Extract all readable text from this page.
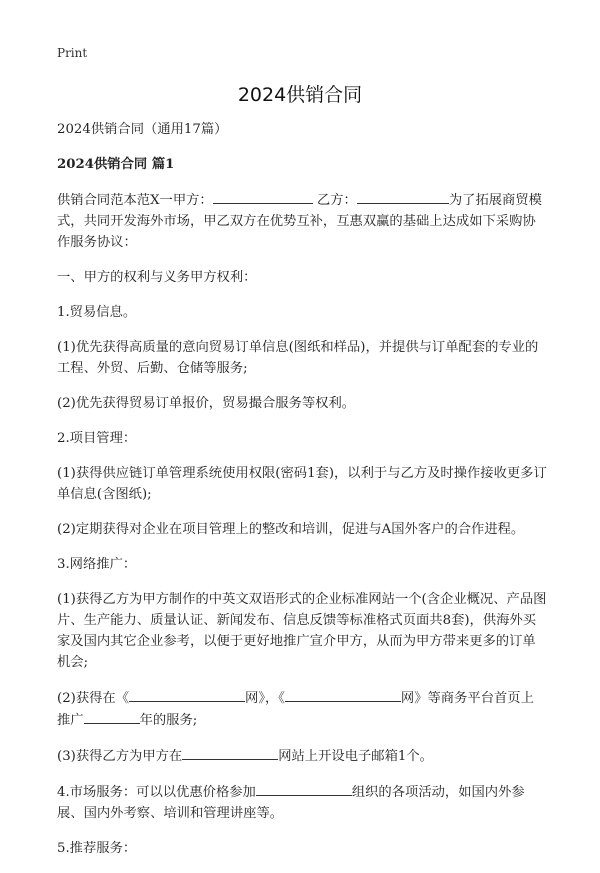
Print
2024供销合同

2024供销合同（通用17篇）

2024供销合同 篇1

供销合同范本范X一甲方：	乙方：	为了拓展商贸模式，共同开发海外市场，甲乙双方在优势互补，互惠双赢的基础上达成如下采购协作服务协议：

一、甲方的权利与义务甲方权利：

1.贸易信息。

(1)优先获得高质量的意向贸易订单信息(图纸和样品)，并提供与订单配套的专业的工程、外贸、后勤、仓储等服务;

(2)优先获得贸易订单报价，贸易撮合服务等权利。

2.项目管理：

(1)获得供应链订单管理系统使用权限(密码1套)，以利于与乙方及时操作接收更多订单信息(含图纸);

(2)定期获得对企业在项目管理上的整改和培训，促进与A国外客户的合作进程。

3.网络推广：

(1)获得乙方为甲方制作的中英文双语形式的企业标准网站一个(含企业概况、产品图片、生产能力、质量认证、新闻发布、信息反馈等标准格式页面共8套)，供海外买家及国内其它企业参考，以便于更好地推广宣介甲方，从而为甲方带来更多的订单机会;

(2)获得在《	网》，《	网》等商务平台首页上推广	年的服务;

(3)获得乙方为甲方在	网站上开设电子邮箱1个。

4.市场服务：可以以优惠价格参加	组织的各项活动，如国内外参展、国内外考察、培训和管理讲座等。

5.推荐服务：
